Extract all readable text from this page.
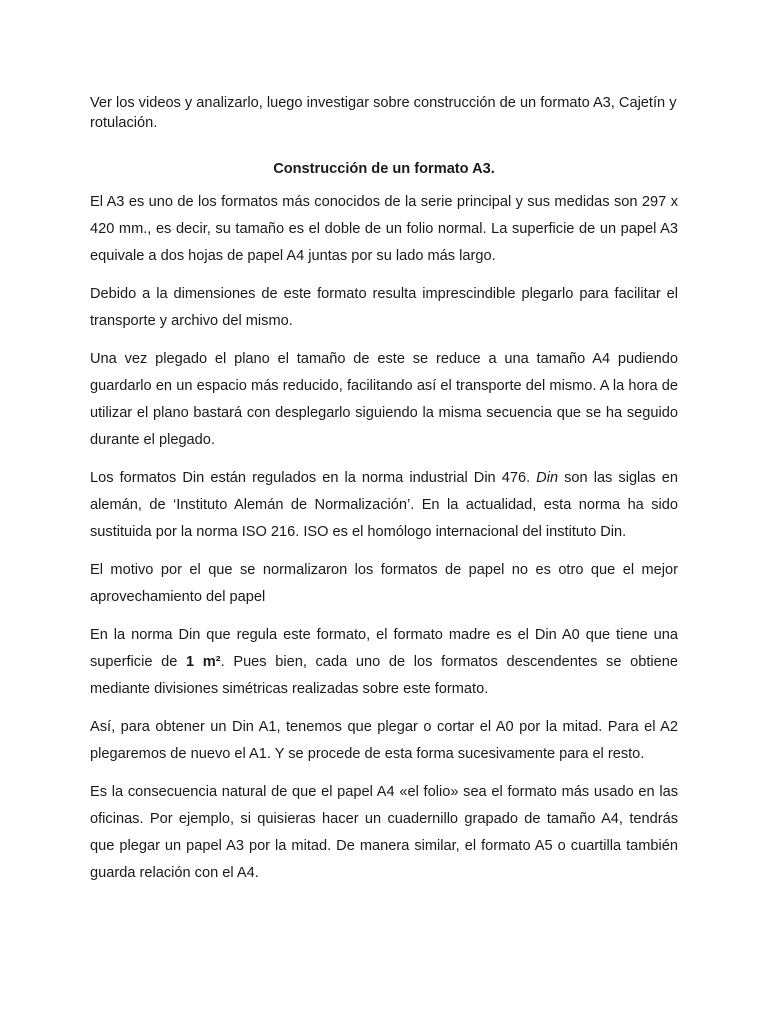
Ver los videos y analizarlo, luego investigar sobre construcción de un formato A3, Cajetín y rotulación.

Construcción de un formato A3.

El A3 es uno de los formatos más conocidos de la serie principal y sus medidas son 297 x 420 mm., es decir, su tamaño es el doble de un folio normal. La superficie de un papel A3 equivale a dos hojas de papel A4 juntas por su lado más largo.

Debido a la dimensiones de este formato resulta imprescindible plegarlo para facilitar el transporte y archivo del mismo.

Una vez plegado el plano el tamaño de este se reduce a una tamaño A4 pudiendo guardarlo en un espacio más reducido, facilitando así el transporte del mismo. A la hora de utilizar el plano bastará con desplegarlo siguiendo la misma secuencia que se ha seguido durante el plegado.

Los formatos Din están regulados en la norma industrial Din 476. Din son las siglas en alemán, de ‘Instituto Alemán de Normalización’. En la actualidad, esta norma ha sido sustituida por la norma ISO 216. ISO es el homólogo internacional del instituto Din.

El motivo por el que se normalizaron los formatos de papel no es otro que el mejor aprovechamiento del papel

En la norma Din que regula este formato, el formato madre es el Din A0 que tiene una superficie de 1 m². Pues bien, cada uno de los formatos descendentes se obtiene mediante divisiones simétricas realizadas sobre este formato.

Así, para obtener un Din A1, tenemos que plegar o cortar el A0 por la mitad. Para el A2 plegaremos de nuevo el A1. Y se procede de esta forma sucesivamente para el resto.

Es la consecuencia natural de que el papel A4 «el folio» sea el formato más usado en las oficinas. Por ejemplo, si quisieras hacer un cuadernillo grapado de tamaño A4, tendrás que plegar un papel A3 por la mitad. De manera similar, el formato A5 o cuartilla también guarda relación con el A4.
